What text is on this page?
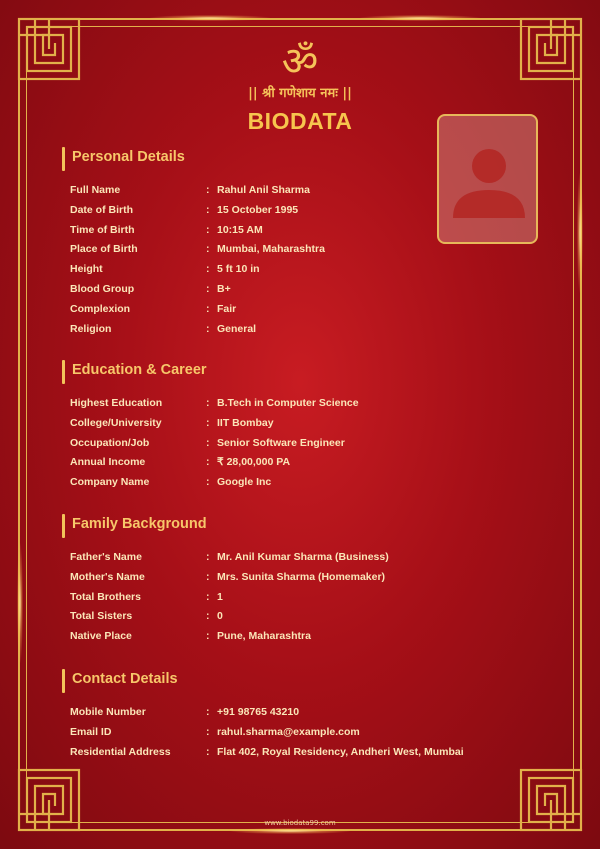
ॐ
|| श्री गणेशाय नमः ||
BIODATA
Personal Details
Full Name	: Rahul Anil Sharma
Date of Birth	: 15 October 1995
Time of Birth	: 10:15 AM
Place of Birth	: Mumbai, Maharashtra
Height	: 5 ft 10 in
Blood Group	: B+
Complexion	: Fair
Religion	: General
Education & Career
Highest Education	: B.Tech in Computer Science
College/University	: IIT Bombay
Occupation/Job	: Senior Software Engineer
Annual Income	: ₹ 28,00,000 PA
Company Name	: Google Inc
Family Background
Father's Name	: Mr. Anil Kumar Sharma (Business)
Mother's Name	: Mrs. Sunita Sharma (Homemaker)
Total Brothers	: 1
Total Sisters	: 0
Native Place	: Pune, Maharashtra
Contact Details
Mobile Number	: +91 98765 43210
Email ID	: rahul.sharma@example.com
Residential Address	: Flat 402, Royal Residency, Andheri West, Mumbai
www.biodata99.com
